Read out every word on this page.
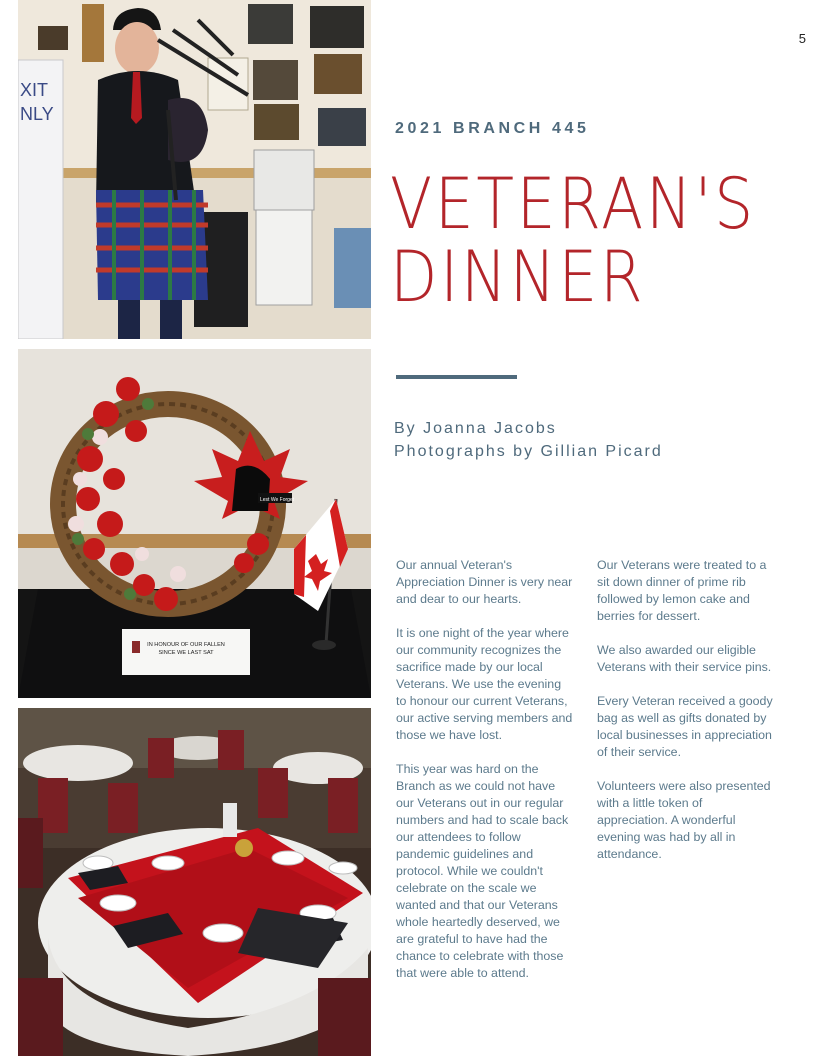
XIT
NLY
Lest We Forget
IN HONOUR OF OUR FALLEN
SINCE WE LAST SAT
5
2021 BRANCH 445
VETERAN'S
DINNER
By Joanna Jacobs
Photographs by Gillian Picard

Our annual Veteran's Appreciation Dinner is very near and dear to our hearts.

It is one night of the year where our community recognizes the sacrifice made by our local Veterans. We use the evening to honour our current Veterans, our active serving members and those we have lost.

This year was hard on the Branch as we could not have our Veterans out in our regular numbers and had to scale back our attendees to follow pandemic guidelines and protocol. While we couldn't celebrate on the scale we wanted and that our Veterans whole heartedly deserved, we are grateful to have had the chance to celebrate with those that were able to attend.

Our Veterans were treated to a sit down dinner of prime rib followed by lemon cake and berries for dessert.

We also awarded our eligible Veterans with their service pins.

Every Veteran received a goody bag as well as gifts donated by local businesses in appreciation of their service.

Volunteers were also presented with a little token of appreciation. A wonderful evening was had by all in attendance.
